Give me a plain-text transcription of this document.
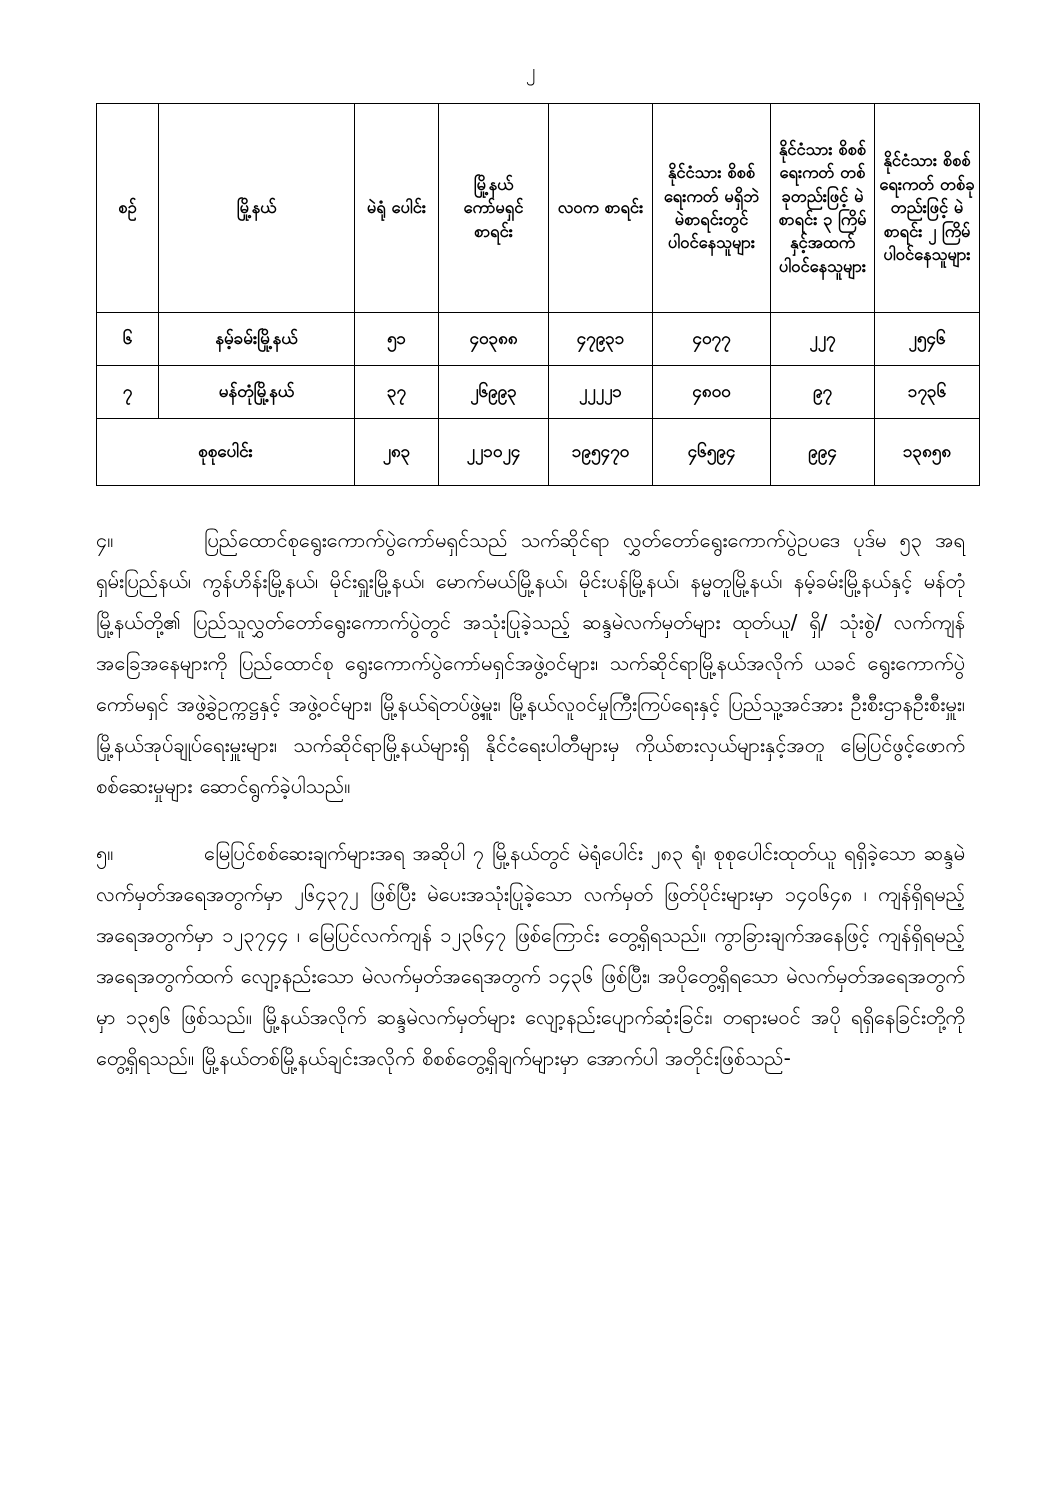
၂
စဉ်	မြို့နယ်	မဲရုံ ပေါင်း	မြို့နယ် ကော်မရှင် စာရင်း	လ၀က စာရင်း	နိုင်ငံသား စိစစ်ရေးကတ် မရှိဘဲ မဲစာရင်းတွင် ပါဝင်နေသူများ	နိုင်ငံသား စိစစ်ရေးကတ် တစ်ခုတည်းဖြင့် မဲစာရင်း ၃ ကြိမ် နှင့်အထက် ပါဝင်နေသူများ	နိုင်ငံသား စိစစ်ရေးကတ် တစ်ခုတည်းဖြင့် မဲစာရင်း ၂ ကြိမ် ပါဝင်နေသူများ
၆	နမ့်ခမ်းမြို့နယ်	၅၁	၄၀၃၈၈	၄၇၉၃၁	၄၀၇၇	၂၂၇	၂၅၄၆
၇	မန်တုံမြို့နယ်	၃၇	၂၆၉၉၃	၂၂၂၂၁	၄၈၀၀	၉၇	၁၇၃၆
စုစုပေါင်း		၂၈၃	၂၂၁၀၂၄	၁၉၅၄၇၀	၄၆၅၉၄	၉၉၄	၁၃၈၅၈
၄။	ပြည်‌‌‌‌‌‌ထောင်စုရွေးကောက်ပွဲကော်မရှင်သည် သက်ဆိုင်ရာ လွှတ်တော်ရွေးကောက်ပွဲဥပဒေ ပုဒ်မ ၅၃ အရ ရှမ်းပြည်နယ်၊ ကွန်ဟိန်းမြို့နယ်၊ မိုင်းရှူးမြို့နယ်၊ မောက်မယ်မြို့နယ်၊ မိုင်းပန်မြို့နယ်၊ နမ္မတူမြို့နယ်၊ နမ့်ခမ်းမြို့နယ်နှင့် မန်တုံမြို့နယ်တို့၏ ပြည်သူလွှတ်တော်ရွေးကောက်ပွဲတွင် အသုံးပြုခဲ့သည့် ဆန္ဒမဲလက်မှတ်များ ထုတ်ယူ/ ရှိ/ သုံးစွဲ/ လက်ကျန်အခြေအနေများကို ပြည်ထောင်စု ရွေးကောက်ပွဲကော်မရှင်အဖွဲ့ဝင်များ၊ သက်ဆိုင်ရာမြို့နယ်အလိုက် ယခင် ရွေးကောက်ပွဲကော်မရှင် အဖွဲ့ခွဲဥက္ကဋ္ဌနှင့် အဖွဲ့ဝင်များ၊ မြို့နယ်ရဲတပ်ဖွဲ့မှူး၊ မြို့နယ်လူဝင်မှုကြီးကြပ်ရေးနှင့် ပြည်သူ့အင်အား ဦးစီးဌာနဦးစီးမှူး၊ မြို့နယ်အုပ်ချုပ်ရေးမှူးများ၊ သက်ဆိုင်ရာမြို့နယ်များရှိ နိုင်ငံရေးပါတီများမှ ကိုယ်စားလှယ်များနှင့်အတူ မြေပြင်ဖွင့်ဖောက်စစ်ဆေးမှုများ ဆောင်ရွက်ခဲ့ပါသည်။
၅။	မြေပြင်စစ်ဆေးချက်များအရ အဆိုပါ ၇ မြို့နယ်တွင် မဲရုံပေါင်း ၂၈၃ ရုံ၊ စုစုပေါင်းထုတ်ယူ ရရှိခဲ့သော ဆန္ဒမဲလက်မှတ်အရေအတွက်မှာ ၂၆၄၃၇၂ ဖြစ်ပြီး မဲပေးအသုံးပြုခဲ့သော လက်မှတ် ဖြတ်ပိုင်းများမှာ ၁၄၀၆၄၈ ၊ ကျန်ရှိရမည့်အရေအတွက်မှာ ၁၂၃၇၄၄ ၊ မြေပြင်လက်ကျန် ၁၂၃၆၄၇ ဖြစ်ကြောင်း တွေ့ရှိရသည်။ ကွာခြားချက်အနေဖြင့် ကျန်ရှိရမည့်အရေအတွက်ထက် လျော့နည်းသော မဲလက်မှတ်အရေအတွက် ၁၄၃၆ ဖြစ်ပြီး၊ အပိုတွေ့ရှိရသော မဲလက်မှတ်အရေအတွက်မှာ ၁၃၅၆ ဖြစ်သည်။ မြို့နယ်အလိုက် ဆန္ဒမဲလက်မှတ်များ လျော့နည်းပျောက်ဆုံးခြင်း၊ တရားမဝင် အပို ရရှိနေခြင်းတို့ကို တွေ့ရှိရသည်။ မြို့နယ်တစ်မြို့နယ်ချင်းအလိုက် စိစစ်တွေ့ရှိချက်များမှာ အောက်ပါ အတိုင်းဖြစ်သည်-
